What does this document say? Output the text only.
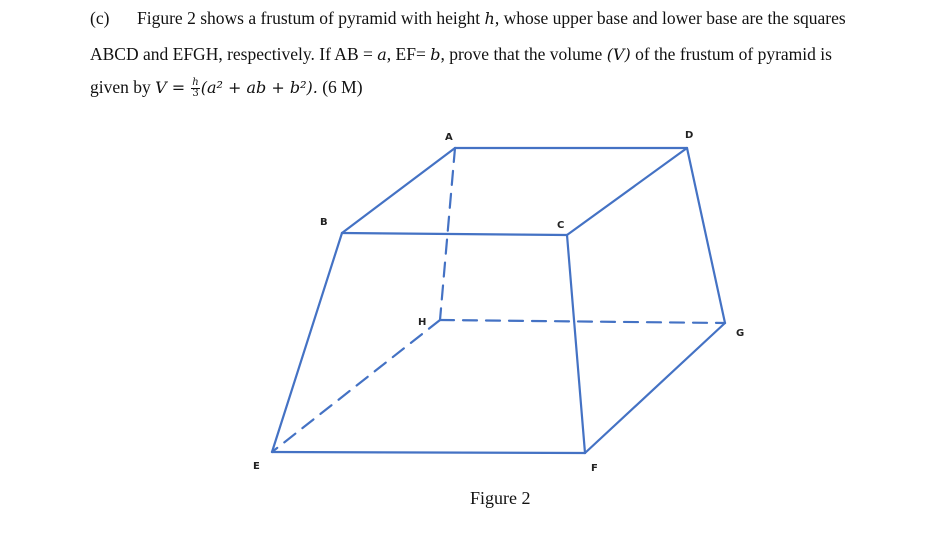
(c) Figure 2 shows a frustum of pyramid with height h, whose upper base and lower base are the squares
ABCD and EFGH, respectively. If AB = a, EF= b, prove that the volume (V) of the frustum of pyramid is
given by $V = \frac{h}{3} (a^2$ + ab + b²). (6 M)
A
B	C
D
E	F
G
H
Figure 2
